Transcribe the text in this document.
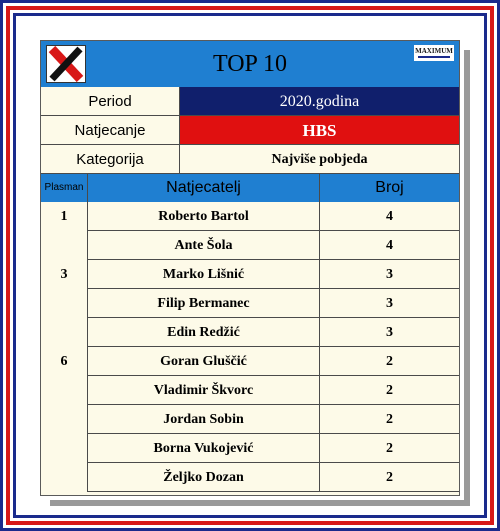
TOP 10	MAXIMUM
Period	2020.godina
Natjecanje	HBS
Kategorija	Najviše pobjeda
Plasman	Natjecatelj	Broj
1	Roberto Bartol	4
Ante Šola	4
3	Marko Lišnić	3
Filip Bermanec	3
Edin Redžić	3
6	Goran Gluščić	2
Vladimir Škvorc	2
Jordan Sobin	2
Borna Vukojević	2
Željko Dozan	2
